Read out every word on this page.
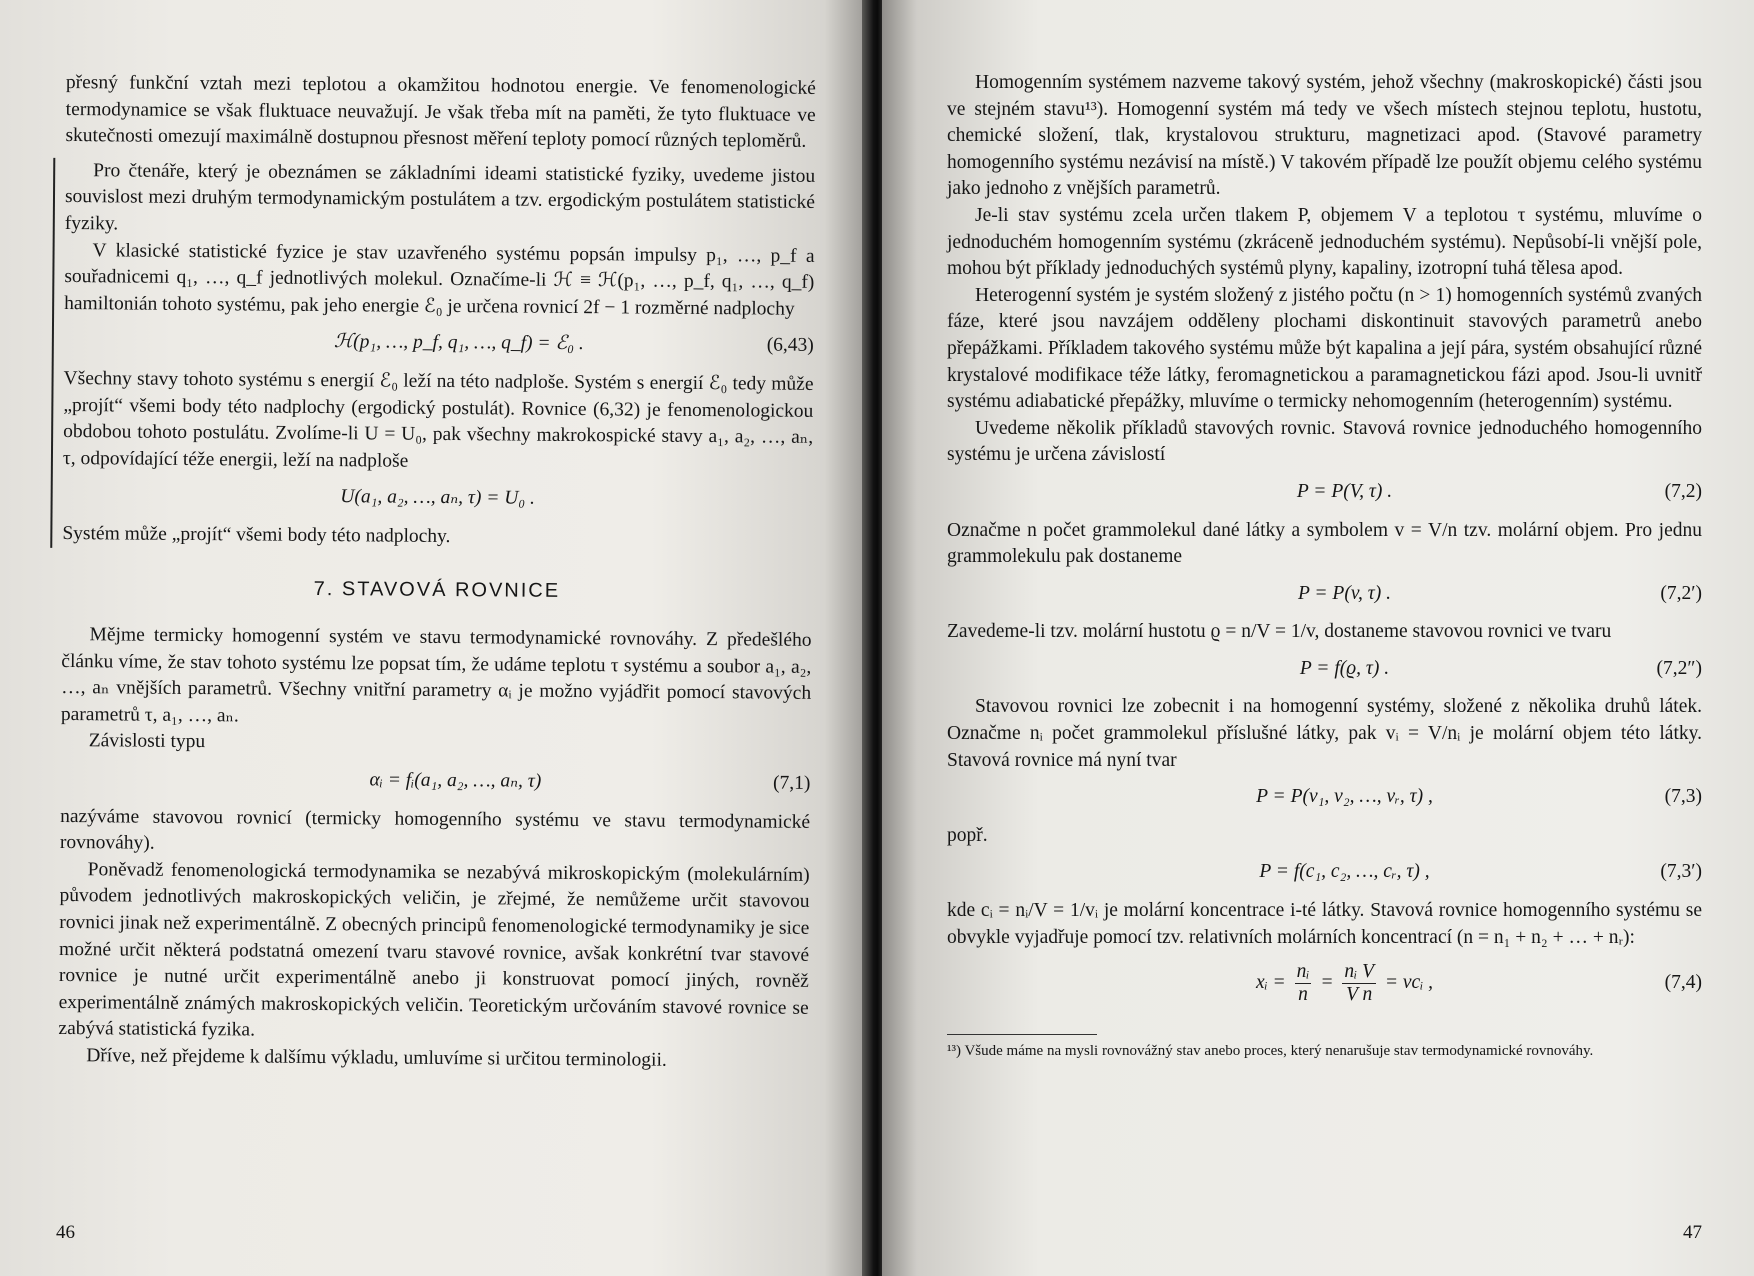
přesný funkční vztah mezi teplotou a okamžitou hodnotou energie. Ve fenomenologické termodynamice se však fluktuace neuvažují. Je však třeba mít na paměti, že tyto fluktuace ve skutečnosti omezují maximálně dostupnou přesnost měření teploty pomocí různých teploměrů.

Pro čtenáře, který je obeznámen se základními ideami statistické fyziky, uvedeme jistou souvislost mezi druhým termodynamickým postulátem a tzv. ergodickým postulátem statistické fyziky.

V klasické statistické fyzice je stav uzavřeného systému popsán impulsy p₁, …, p_f a souřadnicemi q₁, …, q_f jednotlivých molekul. Označíme-li ℋ ≡ ℋ(p₁, …, p_f, q₁, …, q_f) hamiltonián tohoto systému, pak jeho energie ℰ₀ je určena rovnicí 2f − 1 rozměrné nadplochy

ℋ(p₁, …, p_f, q₁, …, q_f) = ℰ₀ .	(6,43)

Všechny stavy tohoto systému s energií ℰ₀ leží na této nadploše. Systém s energií ℰ₀ tedy může „projít“ všemi body této nadplochy (ergodický postulát). Rovnice (6,32) je fenomenologickou obdobou tohoto postulátu. Zvolíme-li U = U₀, pak všechny makrokospické stavy a₁, a₂, …, aₙ, τ, odpovídající téže energii, leží na nadploše

U(a₁, a₂, …, aₙ, τ) = U₀ .

Systém může „projít“ všemi body této nadplochy.

7. STAVOVÁ ROVNICE

Mějme termicky homogenní systém ve stavu termodynamické rovnováhy. Z předešlého článku víme, že stav tohoto systému lze popsat tím, že udáme teplotu τ systému a soubor a₁, a₂, …, aₙ vnějších parametrů. Všechny vnitřní parametry αᵢ je možno vyjádřit pomocí stavových parametrů τ, a₁, …, aₙ.

Závislosti typu

αᵢ = fᵢ(a₁, a₂, …, aₙ, τ)	(7,1)

nazýváme stavovou rovnicí (termicky homogenního systému ve stavu termodynamické rovnováhy).

Poněvadž fenomenologická termodynamika se nezabývá mikroskopickým (molekulárním) původem jednotlivých makroskopických veličin, je zřejmé, že nemůžeme určit stavovou rovnici jinak než experimentálně. Z obecných principů fenomenologické termodynamiky je sice možné určit některá podstatná omezení tvaru stavové rovnice, avšak konkrétní tvar stavové rovnice je nutné určit experimentálně anebo ji konstruovat pomocí jiných, rovněž experimentálně známých makroskopických veličin. Teoretickým určováním stavové rovnice se zabývá statistická fyzika.

Dříve, než přejdeme k dalšímu výkladu, umluvíme si určitou terminologii.

46

Homogenním systémem nazveme takový systém, jehož všechny (makroskopické) části jsou ve stejném stavu¹³). Homogenní systém má tedy ve všech místech stejnou teplotu, hustotu, chemické složení, tlak, krystalovou strukturu, magnetizaci apod. (Stavové parametry homogenního systému nezávisí na místě.) V takovém případě lze použít objemu celého systému jako jednoho z vnějších parametrů.

Je-li stav systému zcela určen tlakem P, objemem V a teplotou τ systému, mluvíme o jednoduchém homogenním systému (zkráceně jednoduchém systému). Nepůsobí-li vnější pole, mohou být příklady jednoduchých systémů plyny, kapaliny, izotropní tuhá tělesa apod.

Heterogenní systém je systém složený z jistého počtu (n > 1) homogenních systémů zvaných fáze, které jsou navzájem odděleny plochami diskontinuit stavových parametrů anebo přepážkami. Příkladem takového systému může být kapalina a její pára, systém obsahující různé krystalové modifikace téže látky, feromagnetickou a paramagnetickou fázi apod. Jsou-li uvnitř systému adiabatické přepážky, mluvíme o termicky nehomogenním (heterogenním) systému.

Uvedeme několik příkladů stavových rovnic. Stavová rovnice jednoduchého homogenního systému je určena závislostí

P = P(V, τ) .	(7,2)

Označme n počet grammolekul dané látky a symbolem v = V/n tzv. molární objem. Pro jednu grammolekulu pak dostaneme

P = P(v, τ) .	(7,2′)

Zavedeme-li tzv. molární hustotu ϱ = n/V = 1/v, dostaneme stavovou rovnici ve tvaru

P = f(ϱ, τ) .	(7,2″)

Stavovou rovnici lze zobecnit i na homogenní systémy, složené z několika druhů látek. Označme nᵢ počet grammolekul příslušné látky, pak vᵢ = V/nᵢ je molární objem této látky. Stavová rovnice má nyní tvar

P = P(v₁, v₂, …, vᵣ, τ) ,	(7,3)

popř.

P = f(c₁, c₂, …, cᵣ, τ) ,	(7,3′)

kde cᵢ = nᵢ/V = 1/vᵢ je molární koncentrace i-té látky. Stavová rovnice homogenního systému se obvykle vyjadřuje pomocí tzv. relativních molárních koncentrací (n = n₁ + n₂ + … + nᵣ):

xᵢ = $\frac{\text{nᵢ}}{n} = \frac{\text{nᵢ V}}{\text{V n}}$ = vcᵢ ,	(7,4)

¹³) Všude máme na mysli rovnovážný stav anebo proces, který nenarušuje stav termodynamické rovnováhy.

47
